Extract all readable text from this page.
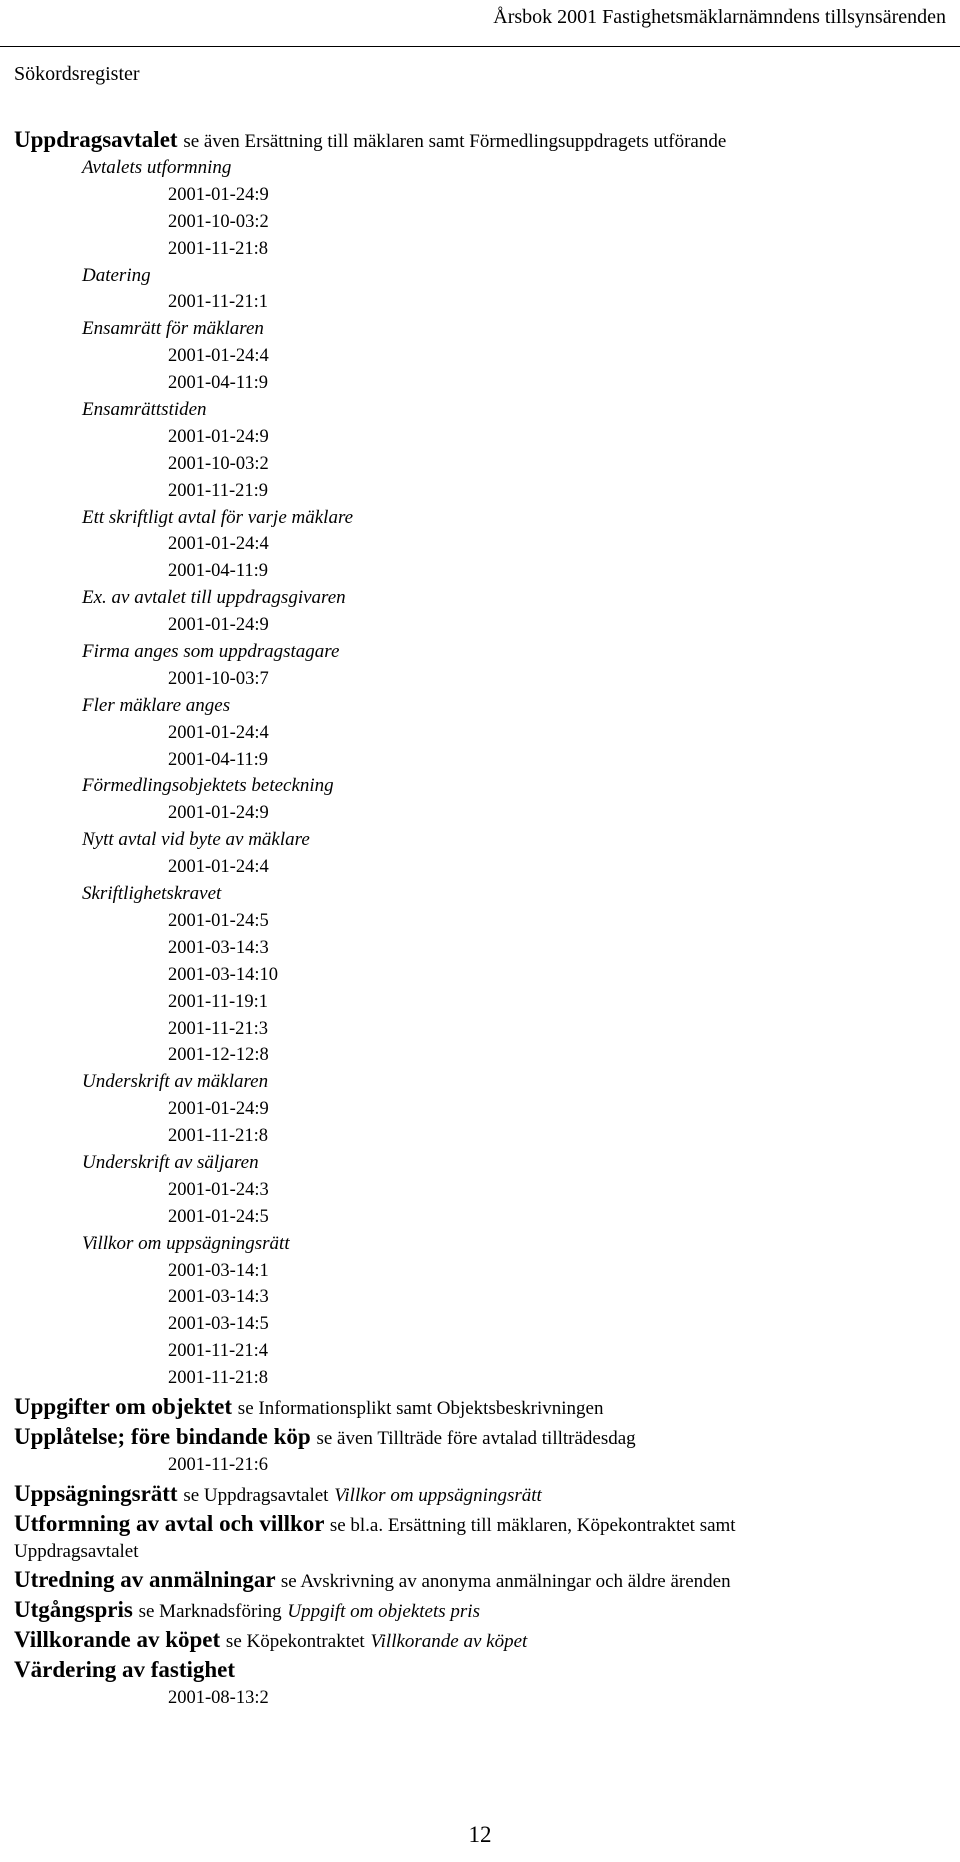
Årsbok 2001 Fastighetsmäklarnämndens tillsynsärenden
Sökordsregister
Uppdragsavtalet se även Ersättning till mäklaren samt Förmedlingsuppdragets utförande
Avtalets utformning
2001-01-24:9
2001-10-03:2
2001-11-21:8
Datering
2001-11-21:1
Ensamrätt för mäklaren
2001-01-24:4
2001-04-11:9
Ensamrättstiden
2001-01-24:9
2001-10-03:2
2001-11-21:9
Ett skriftligt avtal för varje mäklare
2001-01-24:4
2001-04-11:9
Ex. av avtalet till uppdragsgivaren
2001-01-24:9
Firma anges som uppdragstagare
2001-10-03:7
Fler mäklare anges
2001-01-24:4
2001-04-11:9
Förmedlingsobjektets beteckning
2001-01-24:9
Nytt avtal vid byte av mäklare
2001-01-24:4
Skriftlighetskravet
2001-01-24:5
2001-03-14:3
2001-03-14:10
2001-11-19:1
2001-11-21:3
2001-12-12:8
Underskrift av mäklaren
2001-01-24:9
2001-11-21:8
Underskrift av säljaren
2001-01-24:3
2001-01-24:5
Villkor om uppsägningsrätt
2001-03-14:1
2001-03-14:3
2001-03-14:5
2001-11-21:4
2001-11-21:8
Uppgifter om objektet se Informationsplikt samt Objektsbeskrivningen
Upplåtelse; före bindande köp se även Tillträde före avtalad tillträdesdag
2001-11-21:6
Uppsägningsrätt se Uppdragsavtalet Villkor om uppsägningsrätt
Utformning av avtal och villkor se bl.a. Ersättning till mäklaren, Köpekontraktet samt
Uppdragsavtalet
Utredning av anmälningar se Avskrivning av anonyma anmälningar och äldre ärenden
Utgångspris se Marknadsföring Uppgift om objektets pris
Villkorande av köpet se Köpekontraktet Villkorande av köpet
Värdering av fastighet
2001-08-13:2
12
